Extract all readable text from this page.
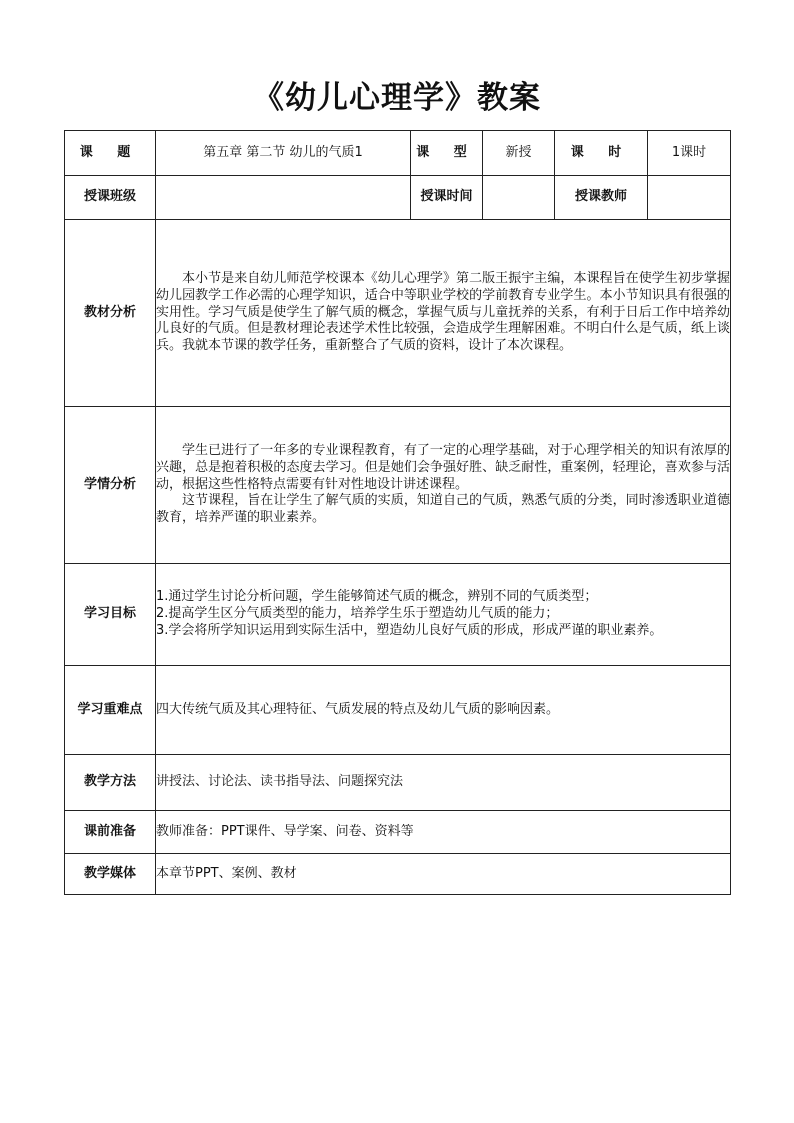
《幼儿心理学》教案
课 题	第五章 第二节 幼儿的气质1	课 型	新授	课 时	1课时
授课班级		授课时间		授课教师	
教材分析	本小节是来自幼儿师范学校课本《幼儿心理学》第二版王振宇主编，本课程旨在使学生初步掌握幼儿园教学工作必需的心理学知识，适合中等职业学校的学前教育专业学生。本小节知识具有很强的实用性。学习气质是使学生了解气质的概念，掌握气质与儿童抚养的关系，有利于日后工作中培养幼儿良好的气质。但是教材理论表述学术性比较强，会造成学生理解困难。不明白什么是气质，纸上谈兵。我就本节课的教学任务，重新整合了气质的资料，设计了本次课程。				

学情分析	学生已进行了一年多的专业课程教育，有了一定的心理学基础，对于心理学相关的知识有浓厚的兴趣，总是抱着积极的态度去学习。但是她们会争强好胜、缺乏耐性，重案例，轻理论，喜欢参与活动，根据这些性格特点需要有针对性地设计讲述课程。

这节课程，旨在让学生了解气质的实质，知道自己的气质，熟悉气质的分类，同时渗透职业道德教育，培养严谨的职业素养。				

学习目标	1.通过学生讨论分析问题，学生能够简述气质的概念，辨别不同的气质类型；
2.提高学生区分气质类型的能力，培养学生乐于塑造幼儿气质的能力；
3.学会将所学知识运用到实际生活中，塑造幼儿良好气质的形成，形成严谨的职业素养。				

学习重难点	四大传统气质及其心理特征、气质发展的特点及幼儿气质的影响因素。				
教学方法	讲授法、讨论法、读书指导法、问题探究法				
课前准备	教师准备：PPT课件、导学案、问卷、资料等				
教学媒体	本章节PPT、案例、教材				
